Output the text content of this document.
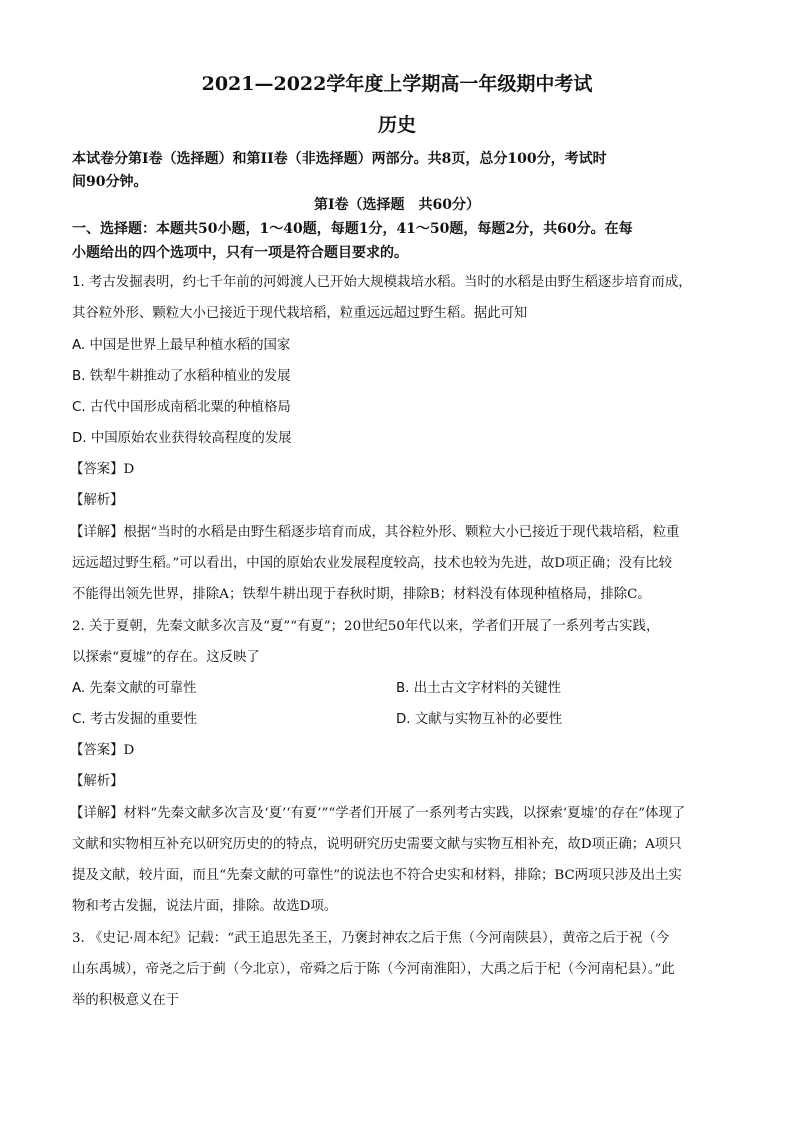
2021—2022学年度上学期高一年级期中考试
历史
本试卷分第Ⅰ卷（选择题）和第II卷（非选择题）两部分。共8页，总分100分，考试时
间90分钟。
第Ⅰ卷（选择题　共60分）
一、选择题：本题共50小题，1～40题，每题1分，41～50题，每题2分，共60分。在每
小题给出的四个选项中，只有一项是符合题目要求的。
1. 考古发掘表明，约七千年前的河姆渡人已开始大规模栽培水稻。当时的水稻是由野生稻逐步培育而成，
其谷粒外形、颗粒大小已接近于现代栽培稻，粒重远远超过野生稻。据此可知
A. 中国是世界上最早种植水稻的国家
B. 铁犁牛耕推动了水稻种植业的发展
C. 古代中国形成南稻北粟的种植格局
D. 中国原始农业获得较高程度的发展
【答案】D
【解析】
【详解】根据“当时的水稻是由野生稻逐步培育而成，其谷粒外形、颗粒大小已接近于现代栽培稻，粒重
远远超过野生稻。”可以看出，中国的原始农业发展程度较高，技术也较为先进，故D项正确；没有比较
不能得出领先世界，排除A；铁犁牛耕出现于春秋时期，排除B；材料没有体现种植格局，排除C。
2. 关于夏朝，先秦文献多次言及“夏”“有夏”；20世纪50年代以来，学者们开展了一系列考古实践，
以探索“夏墟”的存在。这反映了
A. 先秦文献的可靠性	B. 出土古文字材料的关键性
C. 考古发掘的重要性	D. 文献与实物互补的必要性
【答案】D
【解析】
【详解】材料“先秦文献多次言及‘夏’‘有夏’”“学者们开展了一系列考古实践，以探索‘夏墟’的存在”体现了
文献和实物相互补充以研究历史的的特点，说明研究历史需要文献与实物互相补充，故D项正确；A项只
提及文献，较片面，而且“先秦文献的可靠性”的说法也不符合史实和材料，排除；BC两项只涉及出土实
物和考古发掘，说法片面，排除。故选D项。
3. 《史记·周本纪》记载：“武王追思先圣王，乃褒封神农之后于焦（今河南陕县），黄帝之后于祝（今
山东禹城），帝尧之后于蓟（今北京），帝舜之后于陈（今河南淮阳），大禹之后于杞（今河南杞县）。”此
举的积极意义在于
